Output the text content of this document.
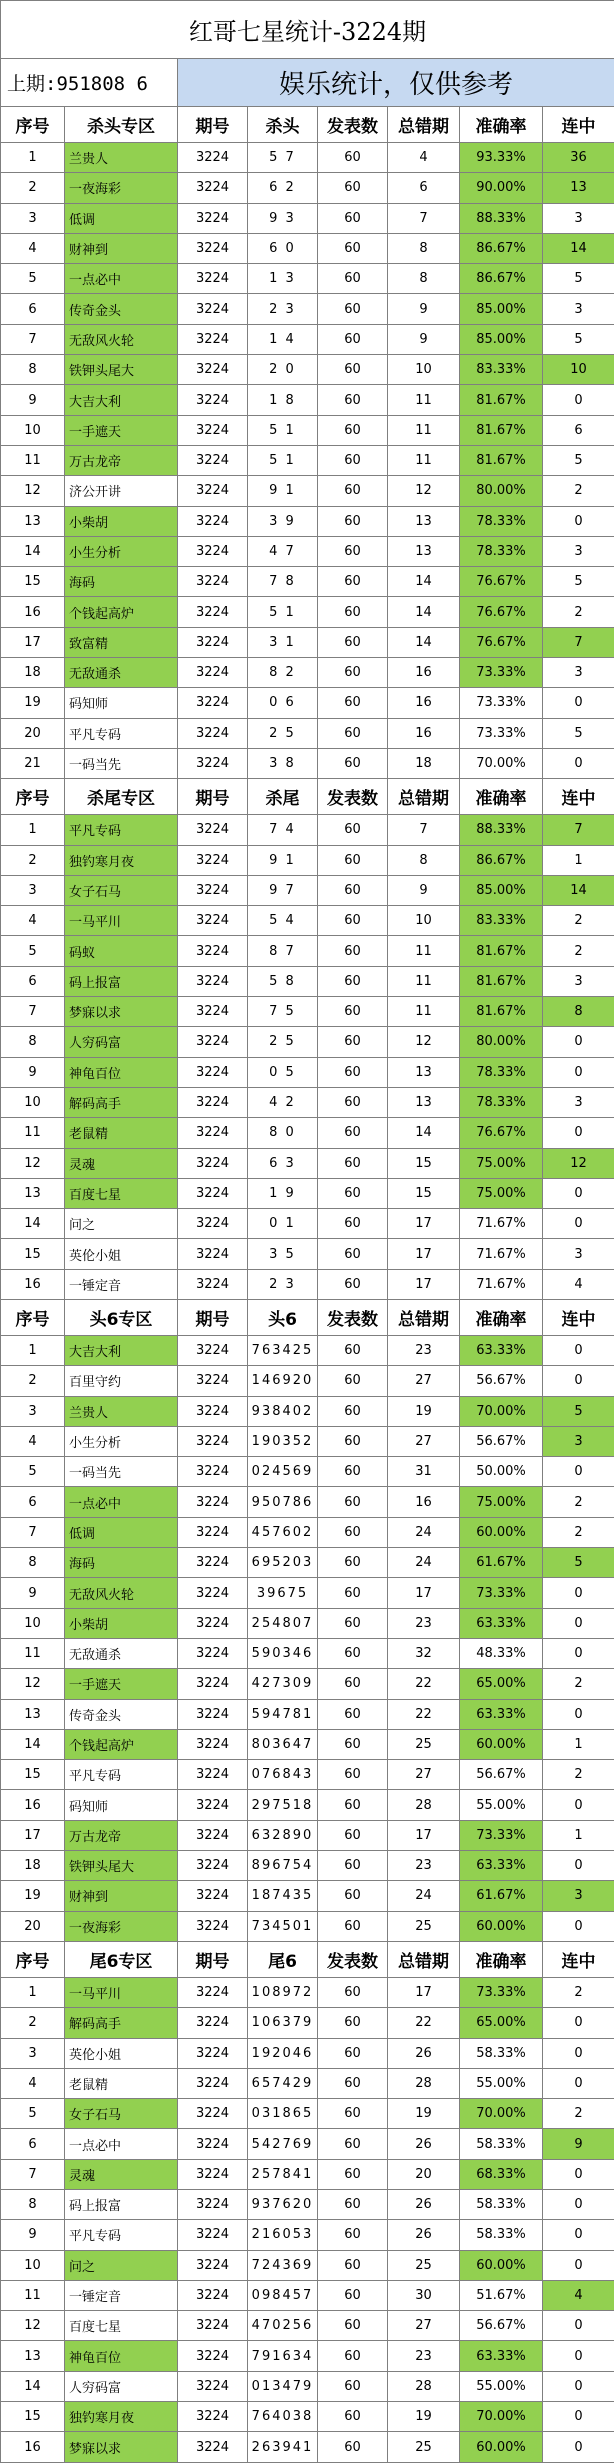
红哥七星统计-3224期							
上期:951808 6		娱乐统计，仅供参考					
序号	杀头专区	期号	杀头	发表数	总错期	准确率	连中
1	兰贵人	3224	5 7	60	4	93.33%	36
2	一夜海彩	3224	6 2	60	6	90.00%	13
3	低调	3224	9 3	60	7	88.33%	3
4	财神到	3224	6 0	60	8	86.67%	14
5	一点必中	3224	1 3	60	8	86.67%	5
6	传奇金头	3224	2 3	60	9	85.00%	3
7	无敌风火轮	3224	1 4	60	9	85.00%	5
8	铁钾头尾大	3224	2 0	60	10	83.33%	10
9	大吉大利	3224	1 8	60	11	81.67%	0
10	一手遮天	3224	5 1	60	11	81.67%	6
11	万古龙帝	3224	5 1	60	11	81.67%	5
12	济公开讲	3224	9 1	60	12	80.00%	2
13	小柴胡	3224	3 9	60	13	78.33%	0
14	小生分析	3224	4 7	60	13	78.33%	3
15	海码	3224	7 8	60	14	76.67%	5
16	个钱起高炉	3224	5 1	60	14	76.67%	2
17	致富精	3224	3 1	60	14	76.67%	7
18	无敌通杀	3224	8 2	60	16	73.33%	3
19	码知师	3224	0 6	60	16	73.33%	0
20	平凡专码	3224	2 5	60	16	73.33%	5
21	一码当先	3224	3 8	60	18	70.00%	0
序号	杀尾专区	期号	杀尾	发表数	总错期	准确率	连中
1	平凡专码	3224	7 4	60	7	88.33%	7
2	独钓寒月夜	3224	9 1	60	8	86.67%	1
3	女子石马	3224	9 7	60	9	85.00%	14
4	一马平川	3224	5 4	60	10	83.33%	2
5	码蚁	3224	8 7	60	11	81.67%	2
6	码上报富	3224	5 8	60	11	81.67%	3
7	梦寐以求	3224	7 5	60	11	81.67%	8
8	人穷码富	3224	2 5	60	12	80.00%	0
9	神龟百位	3224	0 5	60	13	78.33%	0
10	解码高手	3224	4 2	60	13	78.33%	3
11	老鼠精	3224	8 0	60	14	76.67%	0
12	灵魂	3224	6 3	60	15	75.00%	12
13	百度七星	3224	1 9	60	15	75.00%	0
14	问之	3224	0 1	60	17	71.67%	0
15	英伦小姐	3224	3 5	60	17	71.67%	3
16	一锤定音	3224	2 3	60	17	71.67%	4
序号	头6专区	期号	头6	发表数	总错期	准确率	连中
1	大吉大利	3224	763425	60	23	63.33%	0
2	百里守约	3224	146920	60	27	56.67%	0
3	兰贵人	3224	938402	60	19	70.00%	5
4	小生分析	3224	190352	60	27	56.67%	3
5	一码当先	3224	024569	60	31	50.00%	0
6	一点必中	3224	950786	60	16	75.00%	2
7	低调	3224	457602	60	24	60.00%	2
8	海码	3224	695203	60	24	61.67%	5
9	无敌风火轮	3224	39675	60	17	73.33%	0
10	小柴胡	3224	254807	60	23	63.33%	0
11	无敌通杀	3224	590346	60	32	48.33%	0
12	一手遮天	3224	427309	60	22	65.00%	2
13	传奇金头	3224	594781	60	22	63.33%	0
14	个钱起高炉	3224	803647	60	25	60.00%	1
15	平凡专码	3224	076843	60	27	56.67%	2
16	码知师	3224	297518	60	28	55.00%	0
17	万古龙帝	3224	632890	60	17	73.33%	1
18	铁钾头尾大	3224	896754	60	23	63.33%	0
19	财神到	3224	187435	60	24	61.67%	3
20	一夜海彩	3224	734501	60	25	60.00%	0
序号	尾6专区	期号	尾6	发表数	总错期	准确率	连中
1	一马平川	3224	108972	60	17	73.33%	2
2	解码高手	3224	106379	60	22	65.00%	0
3	英伦小姐	3224	192046	60	26	58.33%	0
4	老鼠精	3224	657429	60	28	55.00%	0
5	女子石马	3224	031865	60	19	70.00%	2
6	一点必中	3224	542769	60	26	58.33%	9
7	灵魂	3224	257841	60	20	68.33%	0
8	码上报富	3224	937620	60	26	58.33%	0
9	平凡专码	3224	216053	60	26	58.33%	0
10	问之	3224	724369	60	25	60.00%	0
11	一锤定音	3224	098457	60	30	51.67%	4
12	百度七星	3224	470256	60	27	56.67%	0
13	神龟百位	3224	791634	60	23	63.33%	0
14	人穷码富	3224	013479	60	28	55.00%	0
15	独钓寒月夜	3224	764038	60	19	70.00%	0
16	梦寐以求	3224	263941	60	25	60.00%	0
